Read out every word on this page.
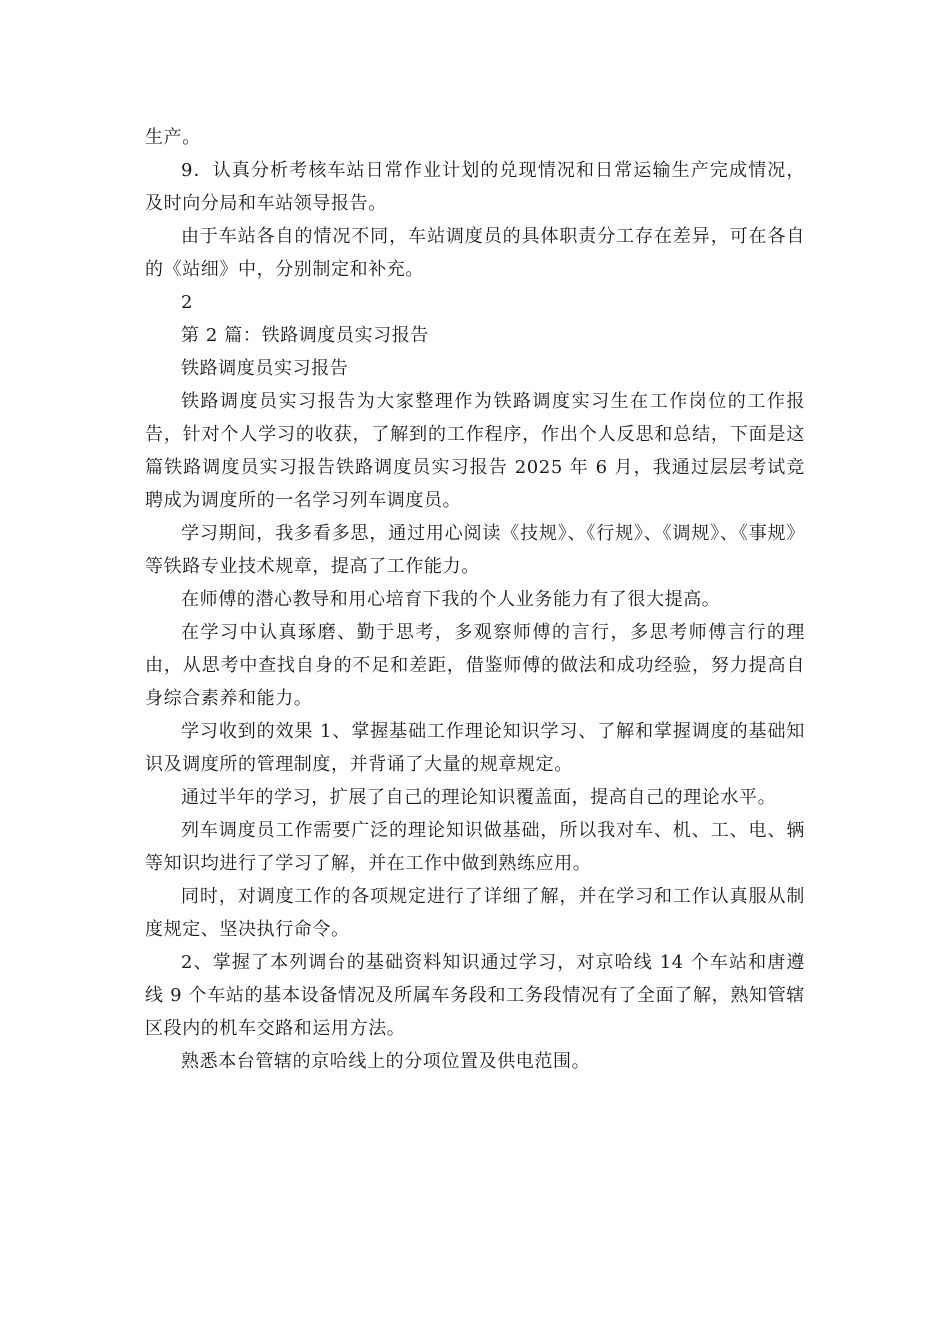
生产。

9．认真分析考核车站日常作业计划的兑现情况和日常运输生产完成情况，及时向分局和车站领导报告。

由于车站各自的情况不同，车站调度员的具体职责分工存在差异，可在各自的《站细》中，分别制定和补充。

2

第 2 篇：铁路调度员实习报告

铁路调度员实习报告

铁路调度员实习报告为大家整理作为铁路调度实习生在工作岗位的工作报告，针对个人学习的收获，了解到的工作程序，作出个人反思和总结，下面是这篇铁路调度员实习报告铁路调度员实习报告 2025 年 6 月，我通过层层考试竞聘成为调度所的一名学习列车调度员。

学习期间，我多看多思，通过用心阅读《技规》、《行规》、《调规》、《事规》等铁路专业技术规章，提高了工作能力。

在师傅的潜心教导和用心培育下我的个人业务能力有了很大提高。

在学习中认真琢磨、勤于思考，多观察师傅的言行，多思考师傅言行的理由，从思考中查找自身的不足和差距，借鉴师傅的做法和成功经验，努力提高自身综合素养和能力。

学习收到的效果 1、掌握基础工作理论知识学习、了解和掌握调度的基础知识及调度所的管理制度，并背诵了大量的规章规定。

通过半年的学习，扩展了自己的理论知识覆盖面，提高自己的理论水平。

列车调度员工作需要广泛的理论知识做基础，所以我对车、机、工、电、辆等知识均进行了学习了解，并在工作中做到熟练应用。

同时，对调度工作的各项规定进行了详细了解，并在学习和工作认真服从制度规定、坚决执行命令。

2、掌握了本列调台的基础资料知识通过学习，对京哈线 14 个车站和唐遵线 9 个车站的基本设备情况及所属车务段和工务段情况有了全面了解，熟知管辖区段内的机车交路和运用方法。

熟悉本台管辖的京哈线上的分项位置及供电范围。
